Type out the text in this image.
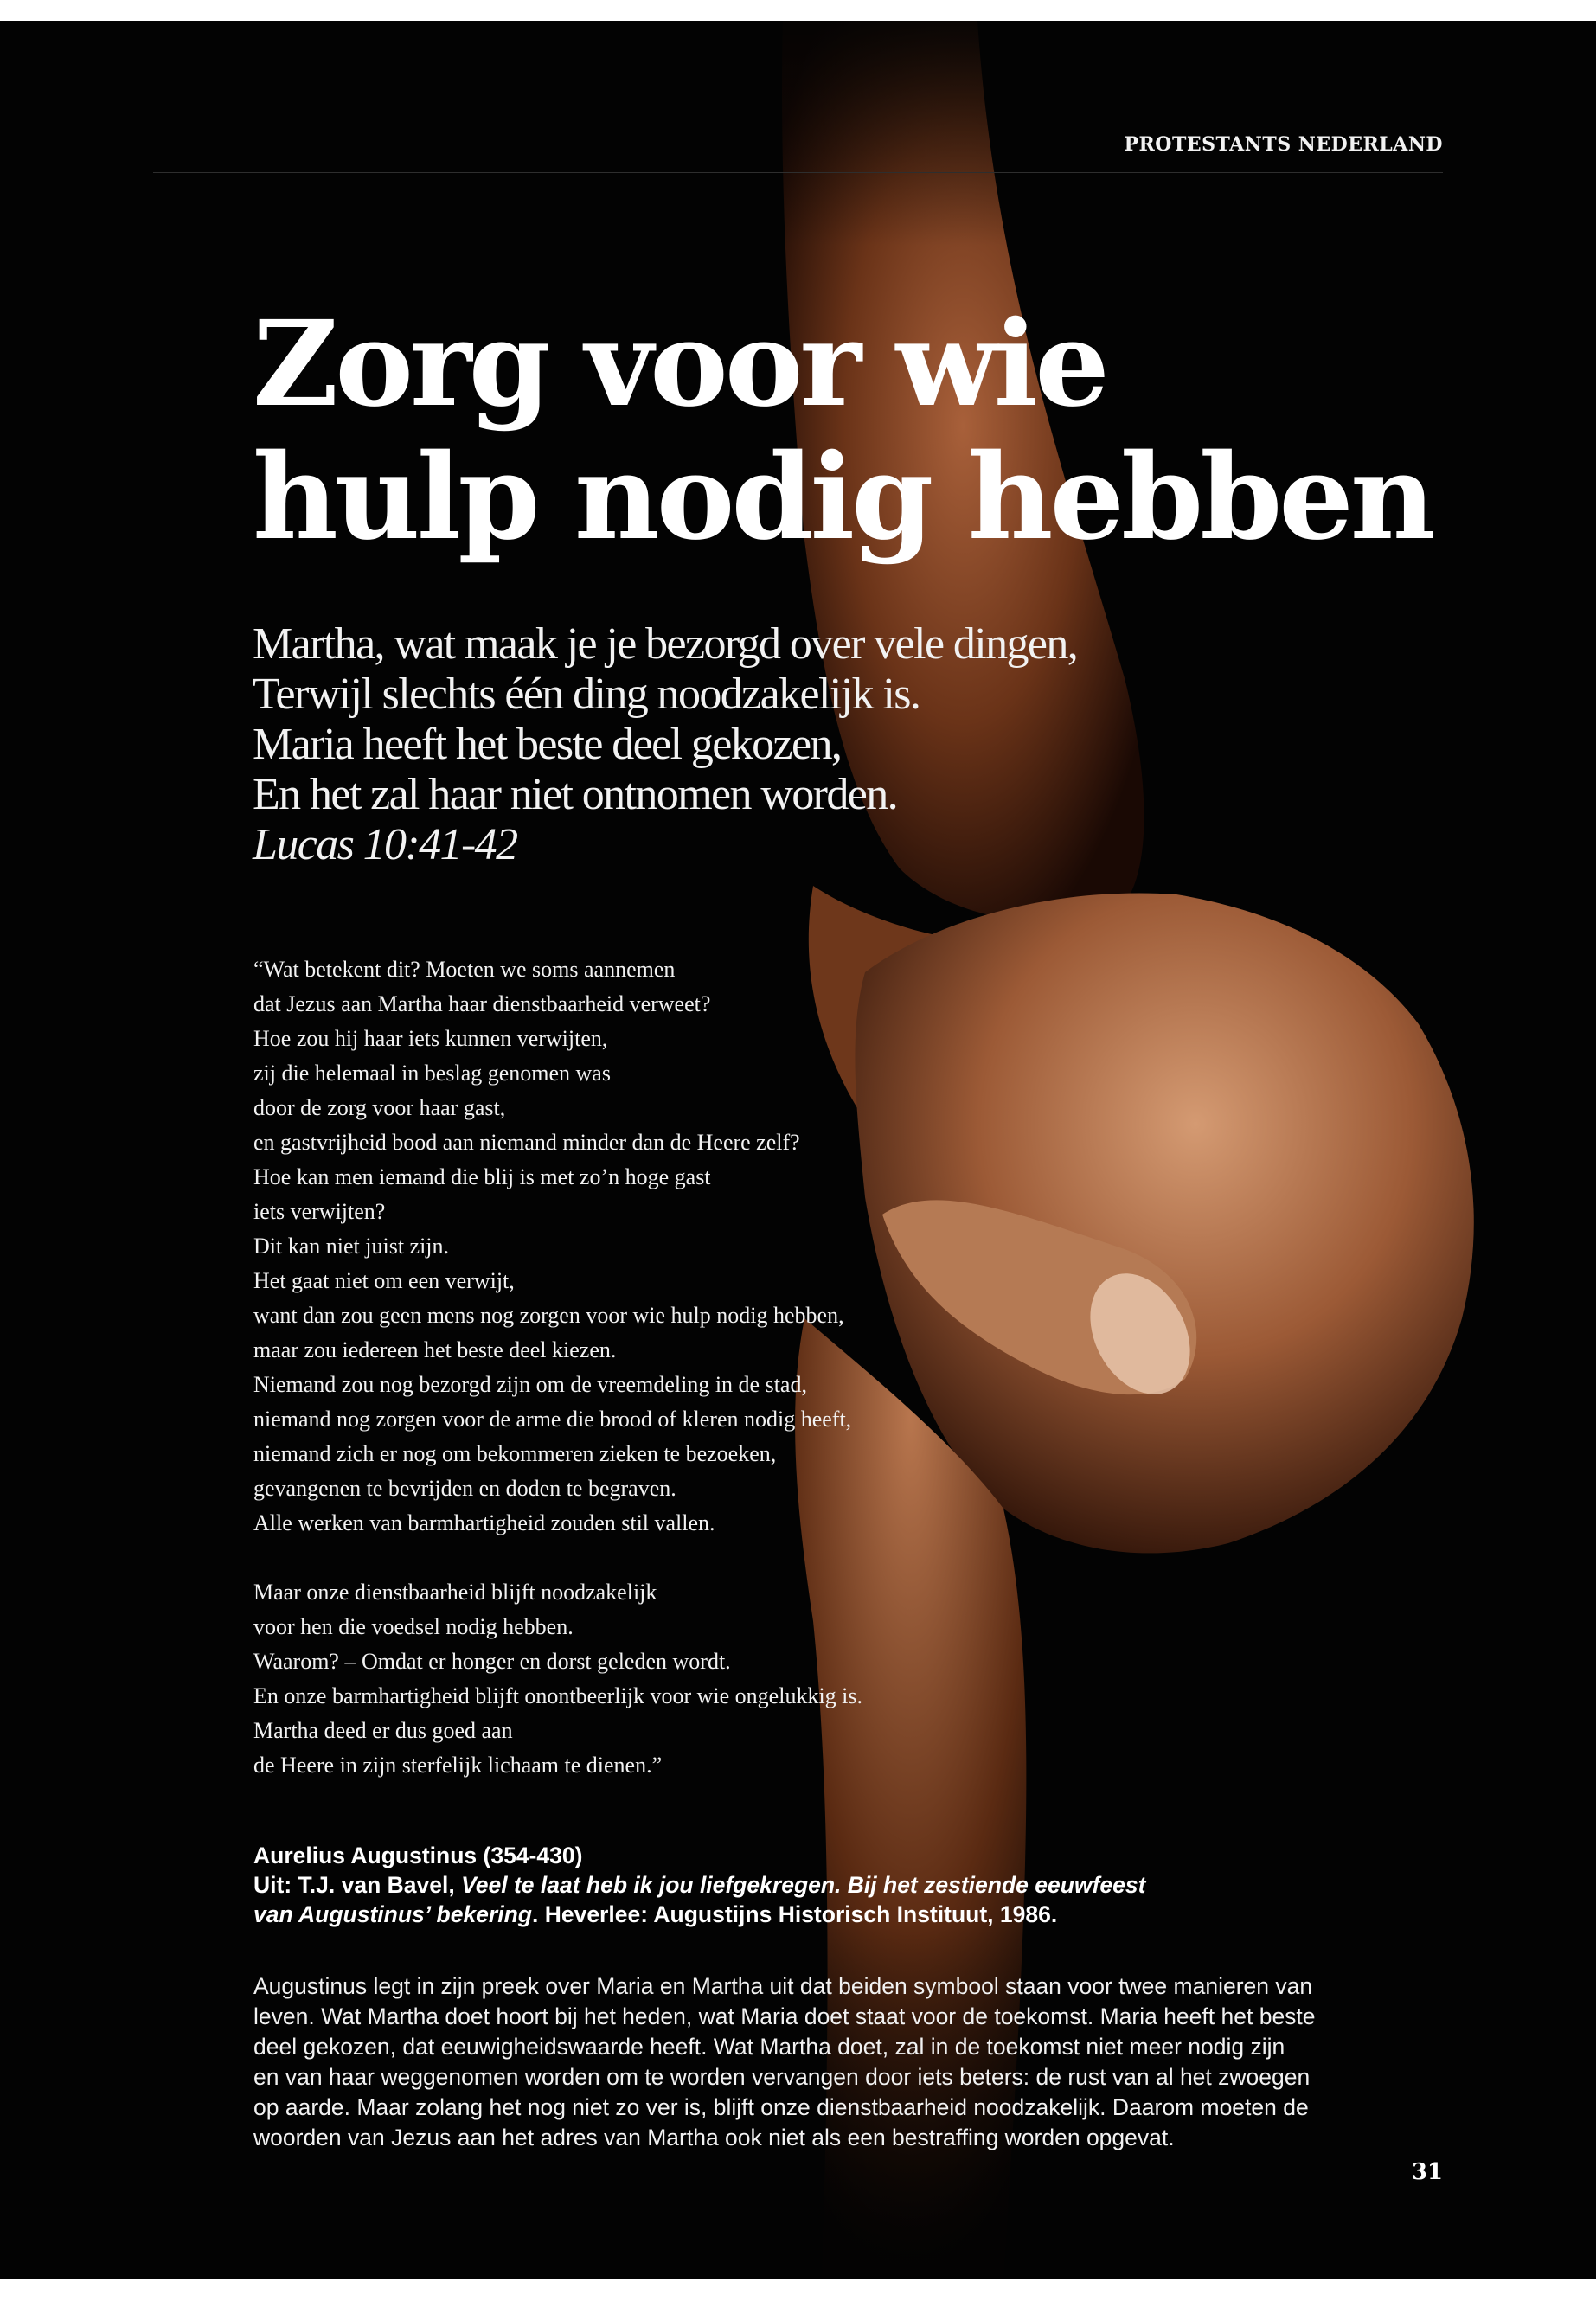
PROTESTANTS NEDERLAND
Zorg voor wie
hulp nodig hebben
Martha, wat maak je je bezorgd over vele dingen,
Terwijl slechts één ding noodzakelijk is.
Maria heeft het beste deel gekozen,
En het zal haar niet ontnomen worden.
Lucas 10:41-42
“Wat betekent dit? Moeten we soms aannemen
dat Jezus aan Martha haar dienstbaarheid verweet?
Hoe zou hij haar iets kunnen verwijten,
zij die helemaal in beslag genomen was
door de zorg voor haar gast,
en gastvrijheid bood aan niemand minder dan de Heere zelf?
Hoe kan men iemand die blij is met zo’n hoge gast
iets verwijten?
Dit kan niet juist zijn.
Het gaat niet om een verwijt,
want dan zou geen mens nog zorgen voor wie hulp nodig hebben,
maar zou iedereen het beste deel kiezen.
Niemand zou nog bezorgd zijn om de vreemdeling in de stad,
niemand nog zorgen voor de arme die brood of kleren nodig heeft,
niemand zich er nog om bekommeren zieken te bezoeken,
gevangenen te bevrijden en doden te begraven.
Alle werken van barmhartigheid zouden stil vallen.
Maar onze dienstbaarheid blijft noodzakelijk
voor hen die voedsel nodig hebben.
Waarom? – Omdat er honger en dorst geleden wordt.
En onze barmhartigheid blijft onontbeerlijk voor wie ongelukkig is.
Martha deed er dus goed aan
de Heere in zijn sterfelijk lichaam te dienen.”
Aurelius Augustinus (354-430)
Uit: T.J. van Bavel, Veel te laat heb ik jou liefgekregen. Bij het zestiende eeuwfeest
van Augustinus’ bekering. Heverlee: Augustijns Historisch Instituut, 1986.
Augustinus legt in zijn preek over Maria en Martha uit dat beiden symbool staan voor twee manieren van
leven. Wat Martha doet hoort bij het heden, wat Maria doet staat voor de toekomst. Maria heeft het beste
deel gekozen, dat eeuwigheidswaarde heeft. Wat Martha doet, zal in de toekomst niet meer nodig zijn
en van haar weggenomen worden om te worden vervangen door iets beters: de rust van al het zwoegen
op aarde. Maar zolang het nog niet zo ver is, blijft onze dienstbaarheid noodzakelijk. Daarom moeten de
woorden van Jezus aan het adres van Martha ook niet als een bestraffing worden opgevat.
31
